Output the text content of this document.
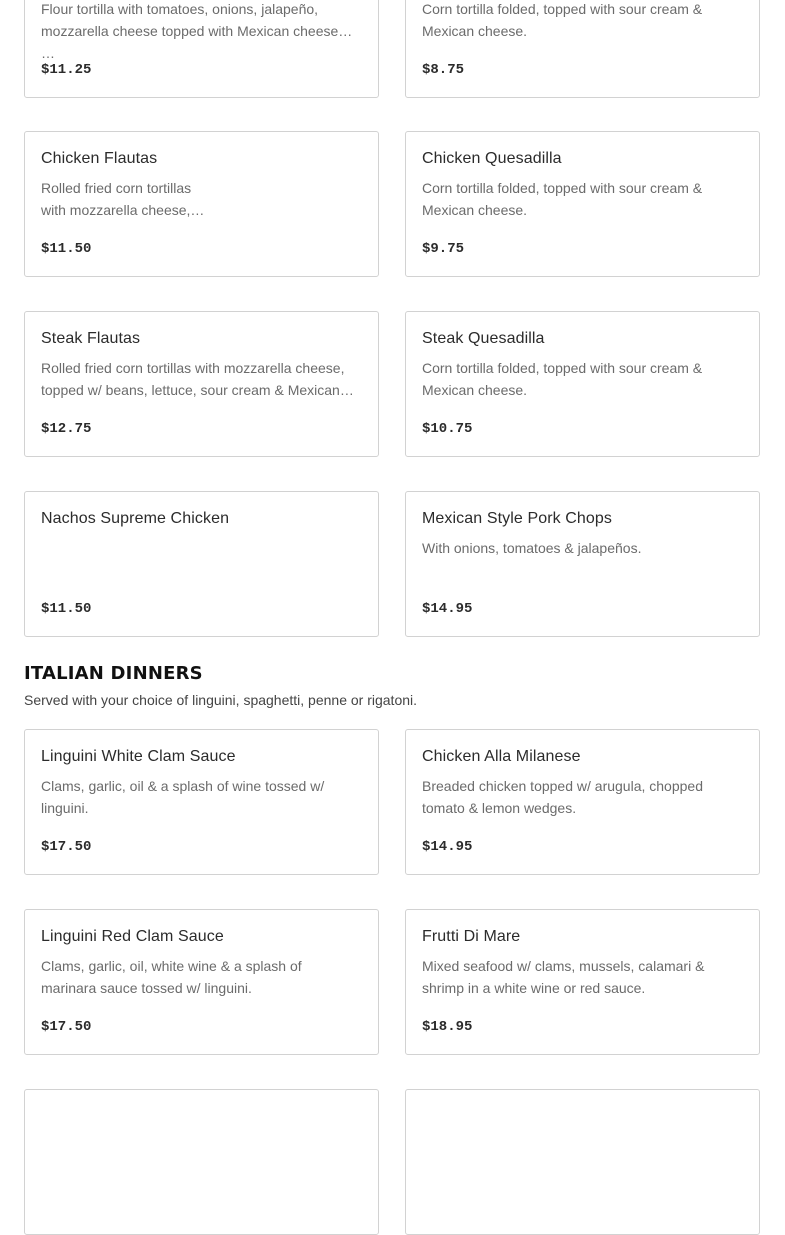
Flour tortilla with tomatoes, onions, jalapeño, mozzarella cheese topped with Mexican cheese …
$11.25
Corn tortilla folded, topped with sour cream & Mexican cheese.
$8.75
Chicken Flautas
Rolled fried corn tortillas
with mozzarella cheese,…
$11.50
Chicken Quesadilla
Corn tortilla folded, topped with sour cream & Mexican cheese.
$9.75
Steak Flautas
Rolled fried corn tortillas with mozzarella cheese, topped w/ beans, lettuce, sour cream & Mexican…
$12.75
Steak Quesadilla
Corn tortilla folded, topped with sour cream & Mexican cheese.
$10.75
Nachos Supreme Chicken
$11.50
Mexican Style Pork Chops
With onions, tomatoes & jalapeños.
$14.95
ITALIAN DINNERS

Served with your choice of linguini, spaghetti, penne or rigatoni.

Linguini White Clam Sauce
Clams, garlic, oil & a splash of wine tossed w/ linguini.
$17.50
Chicken Alla Milanese
Breaded chicken topped w/ arugula, chopped tomato & lemon wedges.
$14.95
Linguini Red Clam Sauce
Clams, garlic, oil, white wine & a splash of marinara sauce tossed w/ linguini.
$17.50
Frutti Di Mare
Mixed seafood w/ clams, mussels, calamari & shrimp in a white wine or red sauce.
$18.95
